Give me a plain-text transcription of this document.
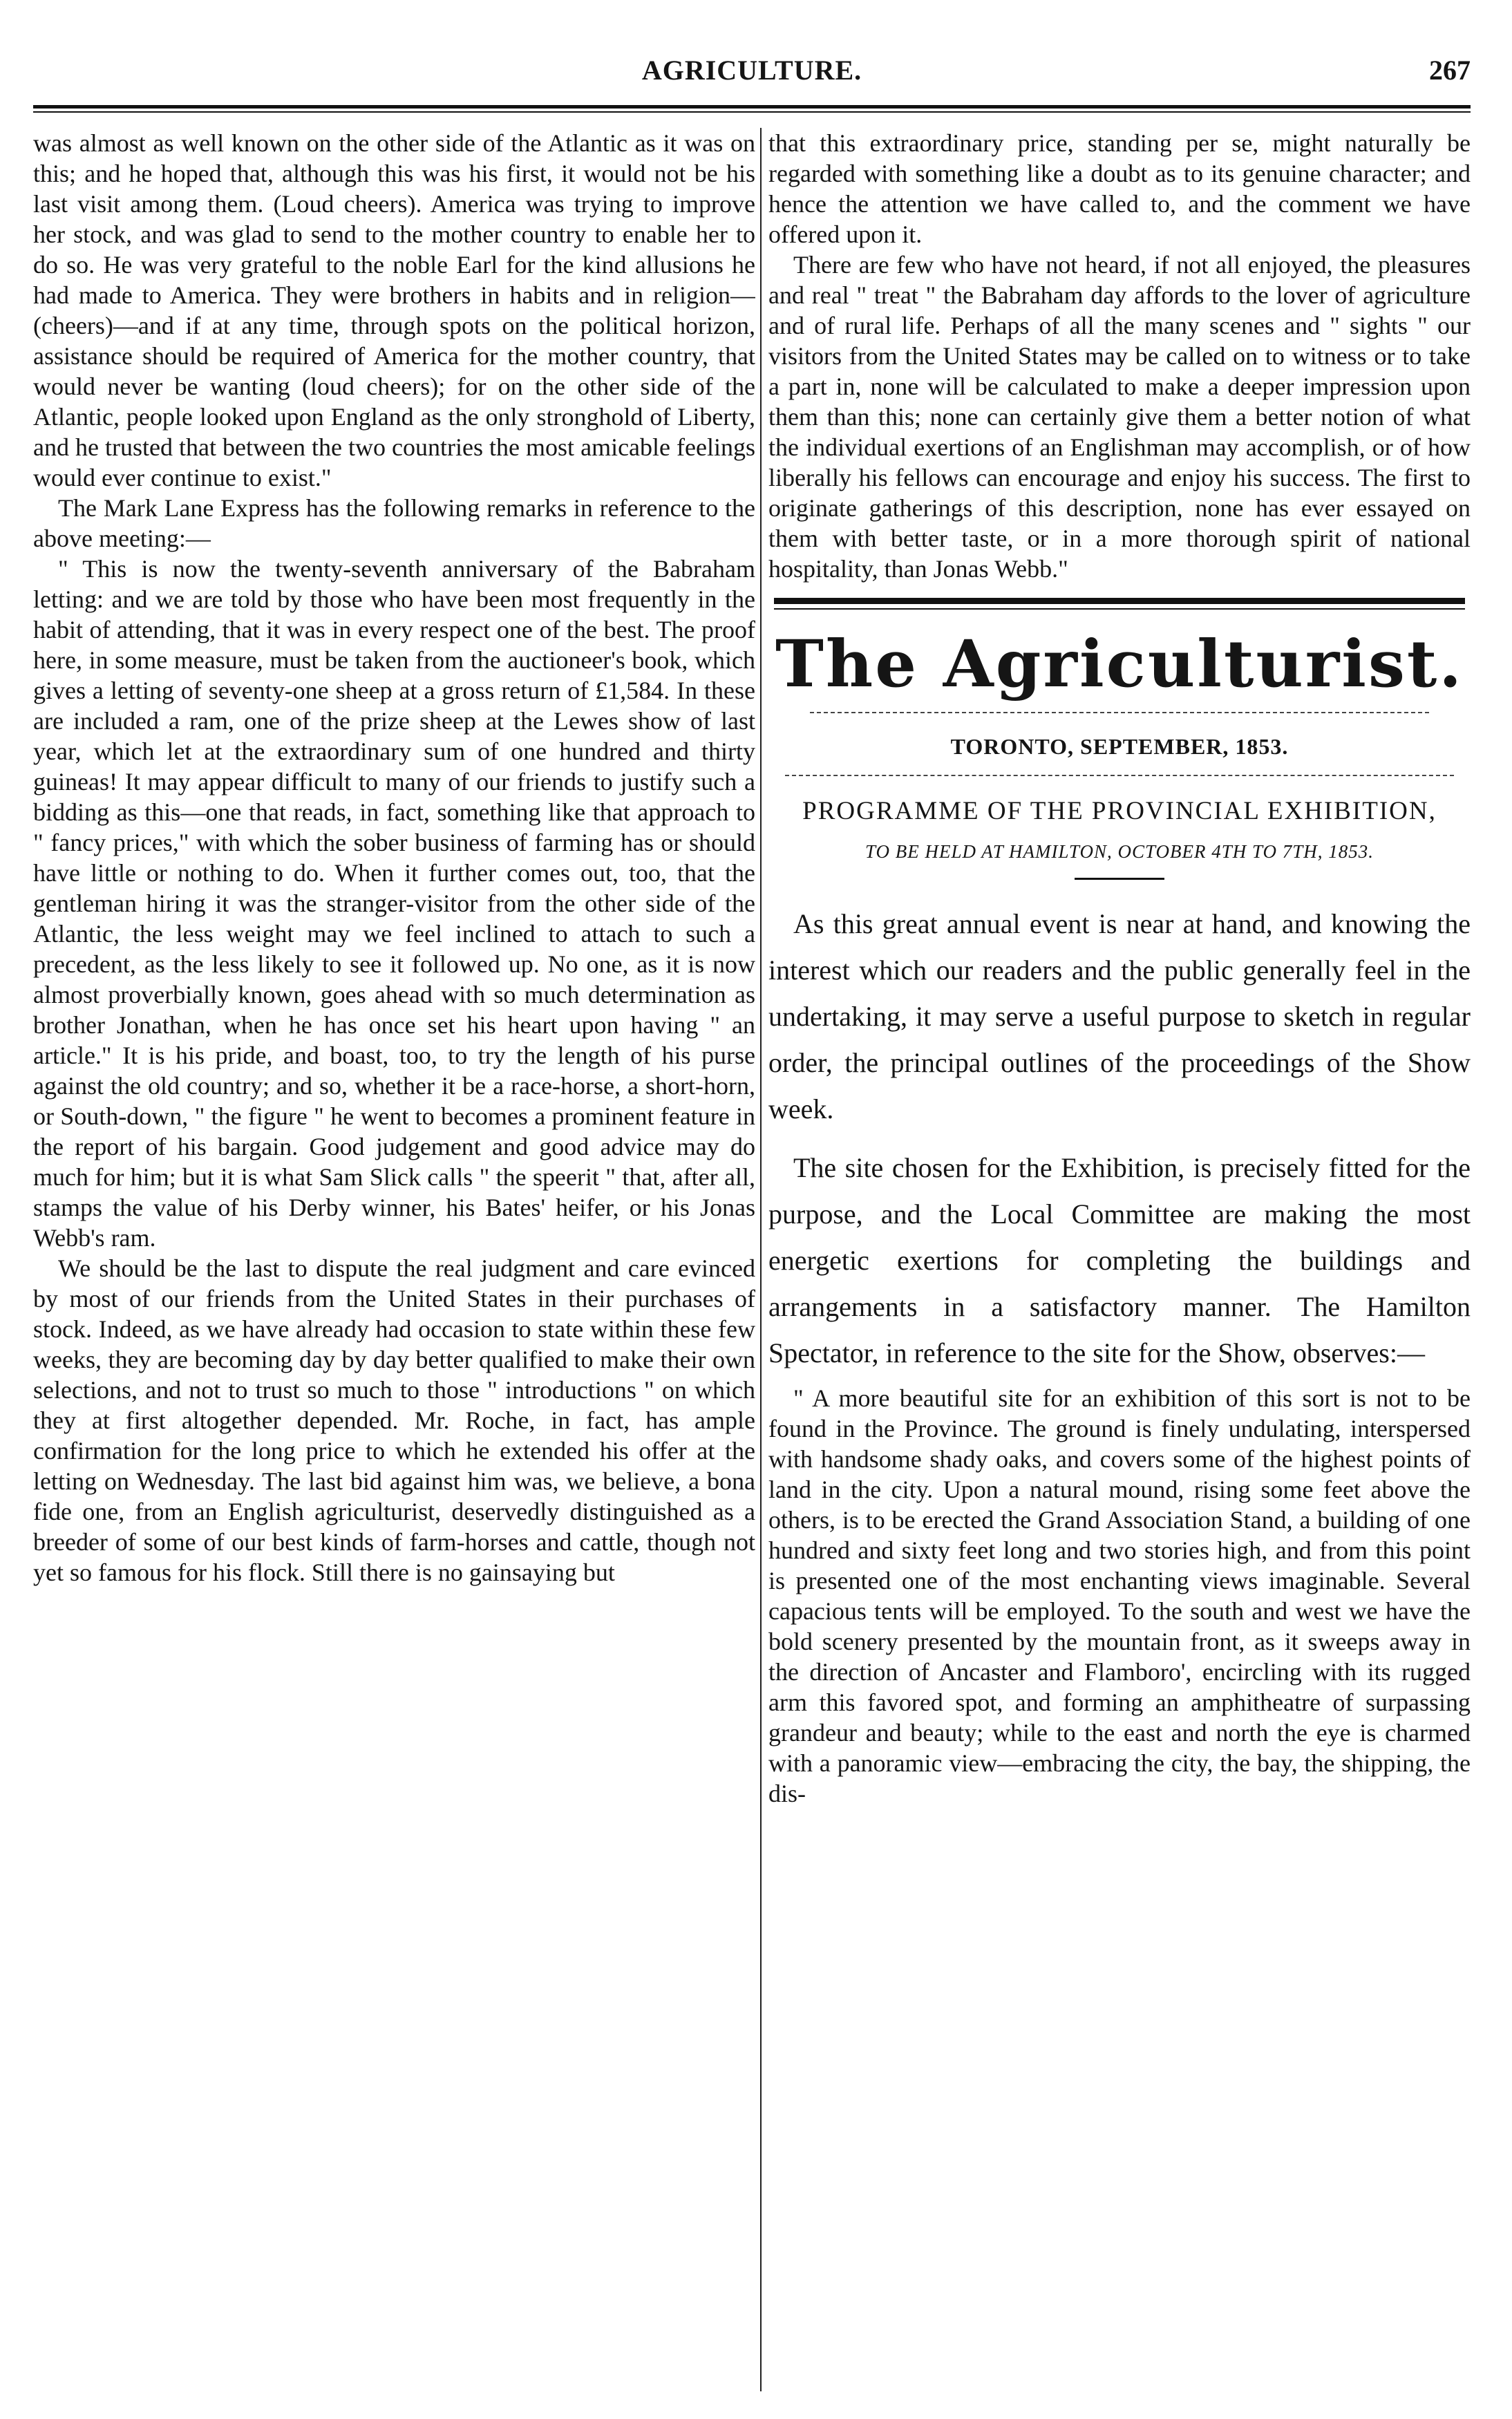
AGRICULTURE.	267

was almost as well known on the other side of the Atlantic as it was on this; and he hoped that, although this was his first, it would not be his last visit among them. (Loud cheers). America was trying to improve her stock, and was glad to send to the mother country to enable her to do so. He was very grateful to the noble Earl for the kind allusions he had made to America. They were brothers in habits and in religion—(cheers)—and if at any time, through spots on the political horizon, assistance should be required of America for the mother country, that would never be wanting (loud cheers); for on the other side of the Atlantic, people looked upon England as the only stronghold of Liberty, and he trusted that between the two countries the most amicable feelings would ever continue to exist."

The Mark Lane Express has the following remarks in reference to the above meeting:—

" This is now the twenty-seventh anniversary of the Babraham letting: and we are told by those who have been most frequently in the habit of attending, that it was in every respect one of the best. The proof here, in some measure, must be taken from the auctioneer's book, which gives a letting of seventy-one sheep at a gross return of £1,584. In these are included a ram, one of the prize sheep at the Lewes show of last year, which let at the extraordinary sum of one hundred and thirty guineas! It may appear difficult to many of our friends to justify such a bidding as this—one that reads, in fact, something like that approach to " fancy prices," with which the sober business of farming has or should have little or nothing to do. When it further comes out, too, that the gentleman hiring it was the stranger-visitor from the other side of the Atlantic, the less weight may we feel inclined to attach to such a precedent, as the less likely to see it followed up. No one, as it is now almost proverbially known, goes ahead with so much determination as brother Jonathan, when he has once set his heart upon having " an article." It is his pride, and boast, too, to try the length of his purse against the old country; and so, whether it be a race-horse, a short-horn, or South-down, " the figure " he went to becomes a prominent feature in the report of his bargain. Good judgement and good advice may do much for him; but it is what Sam Slick calls " the speerit " that, after all, stamps the value of his Derby winner, his Bates' heifer, or his Jonas Webb's ram.

We should be the last to dispute the real judgment and care evinced by most of our friends from the United States in their purchases of stock. Indeed, as we have already had occasion to state within these few weeks, they are becoming day by day better qualified to make their own selections, and not to trust so much to those " introductions " on which they at first altogether depended. Mr. Roche, in fact, has ample confirmation for the long price to which he extended his offer at the letting on Wednesday. The last bid against him was, we believe, a bona fide one, from an English agriculturist, deservedly distinguished as a breeder of some of our best kinds of farm-horses and cattle, though not yet so famous for his flock. Still there is no gainsaying but

that this extraordinary price, standing per se, might naturally be regarded with something like a doubt as to its genuine character; and hence the attention we have called to, and the comment we have offered upon it.

There are few who have not heard, if not all enjoyed, the pleasures and real " treat " the Babraham day affords to the lover of agriculture and of rural life. Perhaps of all the many scenes and " sights " our visitors from the United States may be called on to witness or to take a part in, none will be calculated to make a deeper impression upon them than this; none can certainly give them a better notion of what the individual exertions of an Englishman may accomplish, or of how liberally his fellows can encourage and enjoy his success. The first to originate gatherings of this description, none has ever essayed on them with better taste, or in a more thorough spirit of national hospitality, than Jonas Webb."

The Agriculturist.
TORONTO, SEPTEMBER, 1853.
PROGRAMME OF THE PROVINCIAL EXHIBITION,
TO BE HELD AT HAMILTON, OCTOBER 4TH TO 7TH, 1853.

As this great annual event is near at hand, and knowing the interest which our readers and the public generally feel in the undertaking, it may serve a useful purpose to sketch in regular order, the principal outlines of the proceedings of the Show week.

The site chosen for the Exhibition, is precisely fitted for the purpose, and the Local Committee are making the most energetic exertions for completing the buildings and arrangements in a satisfactory manner. The Hamilton Spectator, in reference to the site for the Show, observes:—

" A more beautiful site for an exhibition of this sort is not to be found in the Province. The ground is finely undulating, interspersed with handsome shady oaks, and covers some of the highest points of land in the city. Upon a natural mound, rising some feet above the others, is to be erected the Grand Association Stand, a building of one hundred and sixty feet long and two stories high, and from this point is presented one of the most enchanting views imaginable. Several capacious tents will be employed. To the south and west we have the bold scenery presented by the mountain front, as it sweeps away in the direction of Ancaster and Flamboro', encircling with its rugged arm this favored spot, and forming an amphitheatre of surpassing grandeur and beauty; while to the east and north the eye is charmed with a panoramic view—embracing the city, the bay, the shipping, the dis-
